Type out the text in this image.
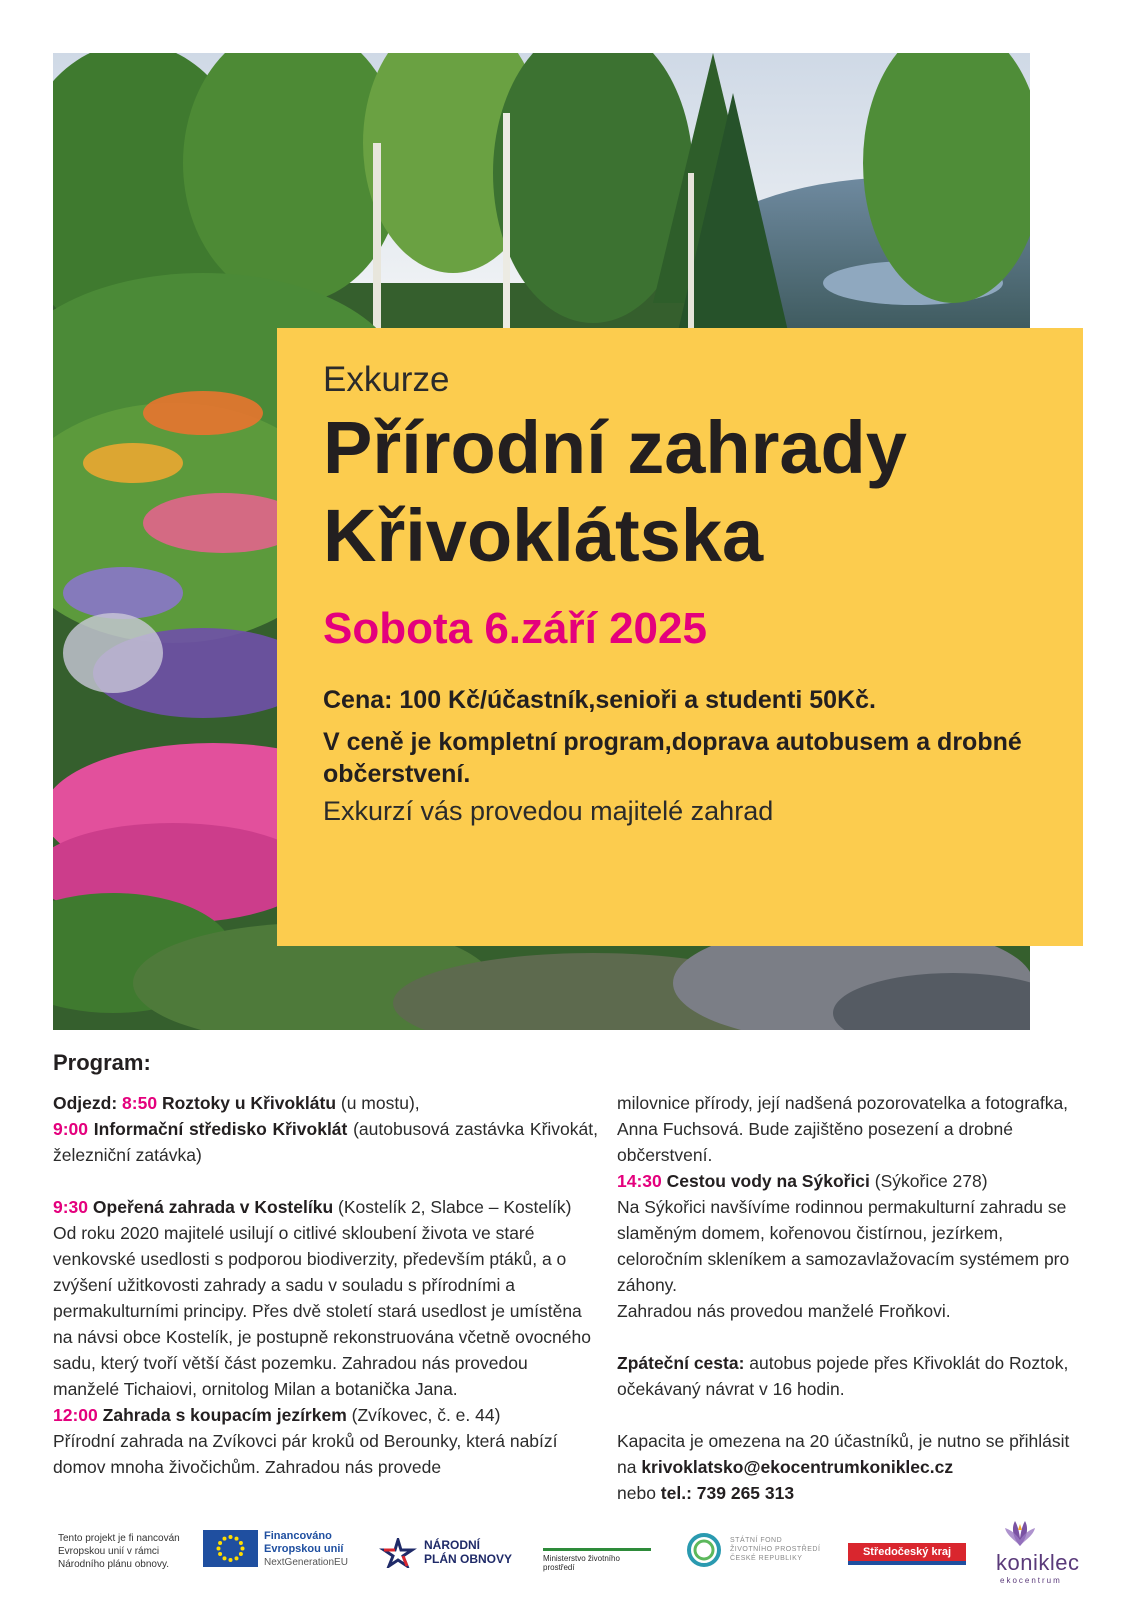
Exkurze

Přírodní zahrady Křivoklátska

Sobota 6.září 2025

Cena: 100 Kč/účastník,senioři a studenti 50Kč.

V ceně je kompletní program,doprava autobusem a drobné občerstvení.

Exkurzí vás provedou majitelé zahrad

Program:

Odjezd: 8:50 Roztoky u Křivoklátu (u mostu),

9:00 Informační středisko Křivoklát (autobusová zastávka Křivokát, železniční zatávka)

9:30 Opeřená zahrada v Kostelíku (Kostelík 2, Slabce – Kostelík) Od roku 2020 majitelé usilují o citlivé skloubení života ve staré venkovské usedlosti s podporou biodiverzity, především ptáků, a o zvýšení užitkovosti zahrady a sadu v souladu s přírodními a permakulturními principy. Přes dvě století stará usedlost je umístěna na návsi obce Kostelík, je postupně rekonstruována včetně ovocného sadu, který tvoří větší část pozemku. Zahradou nás provedou manželé Tichaiovi, ornitolog Milan a botanička Jana.

12:00 Zahrada s koupacím jezírkem (Zvíkovec, č. e. 44)

Přírodní zahrada na Zvíkovci pár kroků od Berounky, která nabízí domov mnoha živočichům. Zahradou nás provede

milovnice přírody, její nadšená pozorovatelka a fotografka, Anna Fuchsová. Bude zajištěno posezení a drobné občerstvení.

14:30 Cestou vody na Sýkořici (Sýkořice 278)

Na Sýkořici navšívíme rodinnou permakulturní zahradu se slaměným domem, kořenovou čistírnou, jezírkem, celoročním skleníkem a samozavlažovacím systémem pro záhony.

Zahradou nás provedou manželé Froňkovi.

Zpáteční cesta: autobus pojede přes Křivoklát do Roztok, očekávaný návrat v 16 hodin.

Kapacita je omezena na 20 účastníků, je nutno se přihlásit na krivoklatsko@ekocentrumkoniklec.cz
nebo tel.: 739 265 313

Tento projekt je fi nancován Evropskou unií v rámci Národního plánu obnovy.
Financováno
Evropskou unií
NextGenerationEU
NÁRODNÍ
PLÁN OBNOVY	Ministerstvo životního prostředí
STÁTNÍ FOND
ŽIVOTNÍHO PROSTŘEDÍ
ČESKÉ REPUBLIKY
Středočeský kraj	koniklec
ekocentrum
